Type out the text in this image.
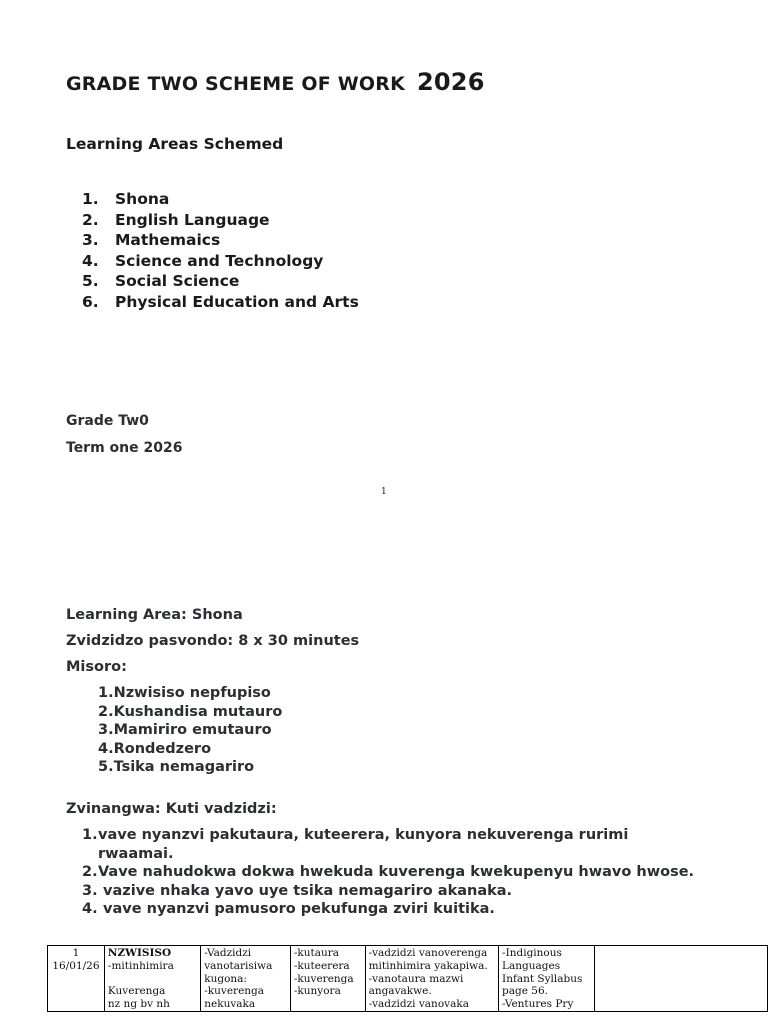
GRADE TWO SCHEME OF WORK 2026
Learning Areas Schemed
1. Shona
2. English Language
3. Mathemaics
4. Science and Technology
5. Social Science
6. Physical Education and Arts
Grade Tw0
Term one 2026
1
Learning Area: Shona
Zvidzidzo pasvondo: 8 x 30 minutes
Misoro:
1.Nzwisiso nepfupiso
2.Kushandisa mutauro
3.Mamiriro emutauro
4.Rondedzero
5.Tsika nemagariro
Zvinangwa: Kuti vadzidzi:
1.vave nyanzvi pakutaura, kuteerera, kunyora nekuverenga rurimi
rwaamai.
2.Vave nahudokwa dokwa hwekuda kuverenga kwekupenyu hwavo hwose.
3. vazive nhaka yavo uye tsika nemagariro akanaka.
4. vave nyanzvi pamusoro pekufunga zviri kuitika.
1
16/01/26

NZWISISO
-mitinhimira
Kuverenga
nz ng bv nh

-Vadzidzi
vanotarisiwa
kugona:
-kuverenga
nekuvaka

-kutaura
-kuteerera
-kuverenga
-kunyora

-vadzidzi vanoverenga
mitinhimira yakapiwa.
-vanotaura mazwi
angavakwe.
-vadzidzi vanovaka

-Indiginous
Languages
Infant Syllabus
page 56.
-Ventures Pry
